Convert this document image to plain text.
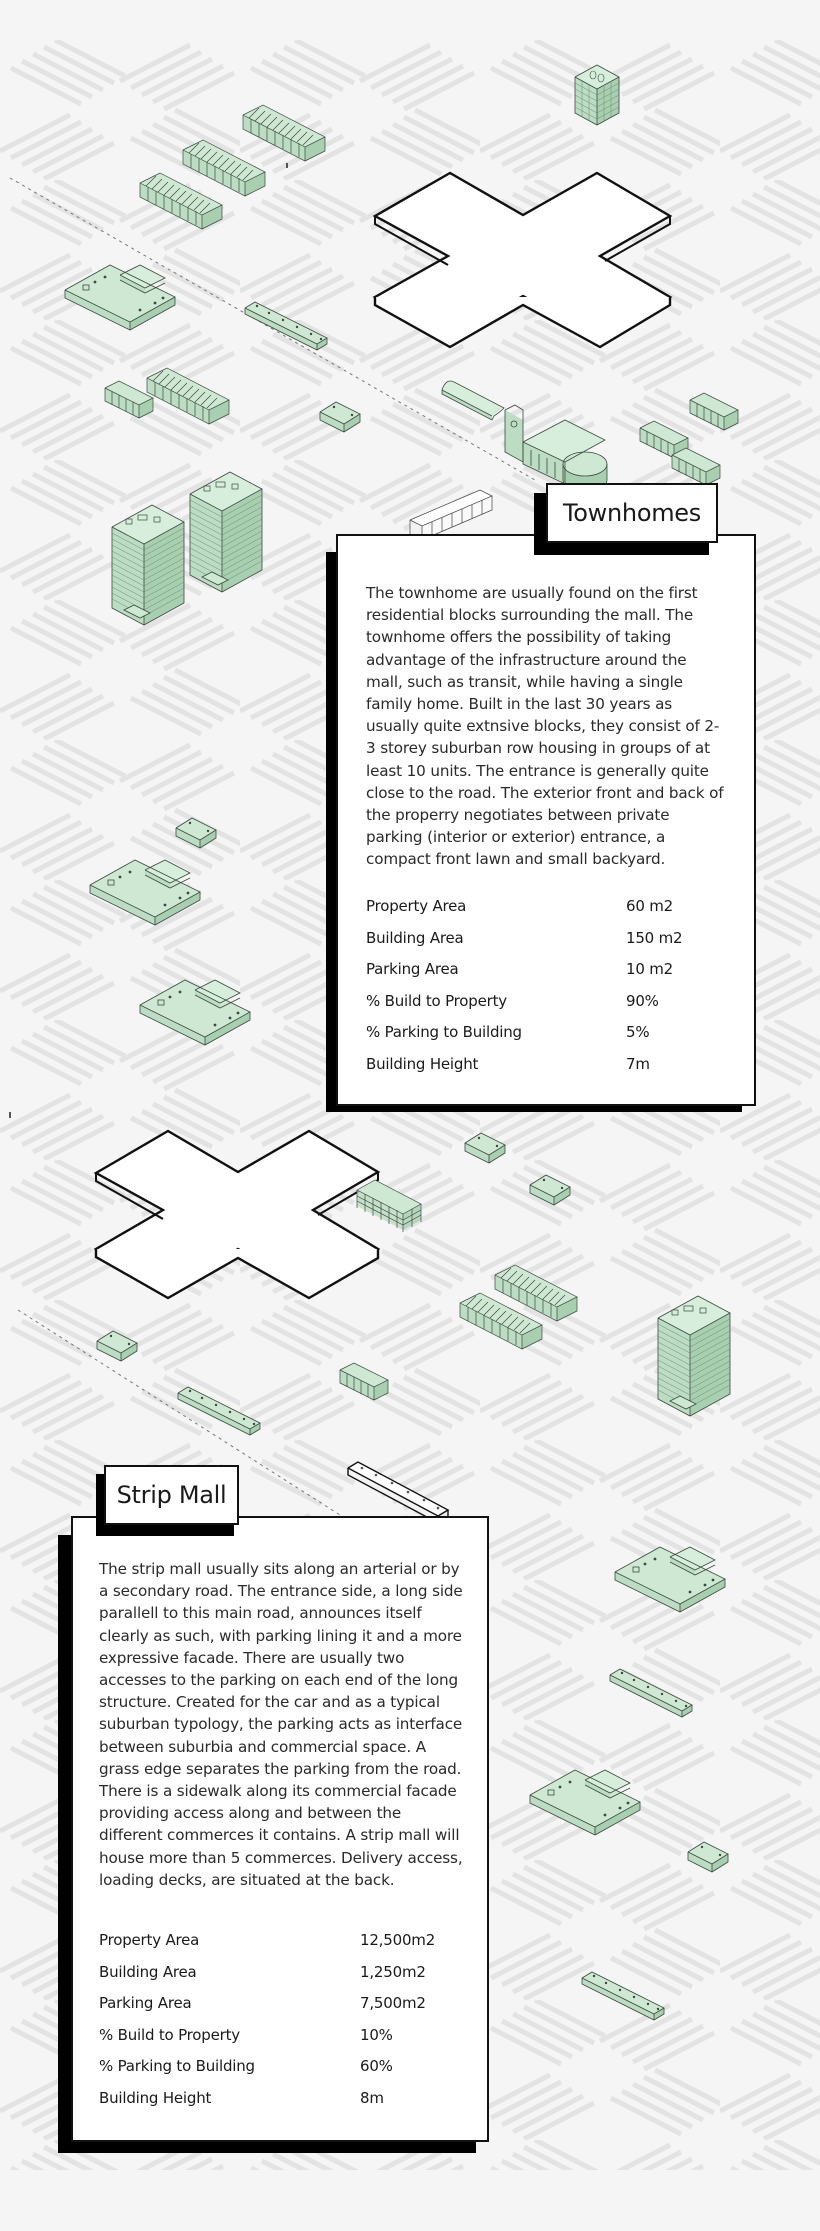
Townhomes

The townhome are usually found on the first residential blocks surrounding the mall. The townhome offers the possibility of taking advantage of the infrastructure around the mall, such as transit, while having a single family home. Built in the last 30 years as usually quite extnsive blocks, they consist of 2-3 storey suburban row housing in groups of at least 10 units. The entrance is generally quite close to the road. The exterior front and back of the properry negotiates between private parking (interior or exterior) entrance, a compact front lawn and small backyard.

Property Area	60 m2
Building Area	150 m2
Parking Area	10 m2
% Build to Property	90%
% Parking to Building	5%
Building Height	7m
Strip Mall

The strip mall usually sits along an arterial or by a secondary road. The entrance side, a long side parallell to this main road, announces itself clearly as such, with parking lining it and a more expressive facade. There are usually two accesses to the parking on each end of the long structure. Created for the car and as a typical suburban typology, the parking acts as interface between suburbia and commercial space. A grass edge separates the parking from the road. There is a sidewalk along its commercial facade providing access along and between the different commerces it contains. A strip mall will house more than 5 commerces. Delivery access, loading decks, are situated at the back.

Property Area	12,500m2
Building Area	1,250m2
Parking Area	7,500m2
% Build to Property	10%
% Parking to Building	60%
Building Height	8m
